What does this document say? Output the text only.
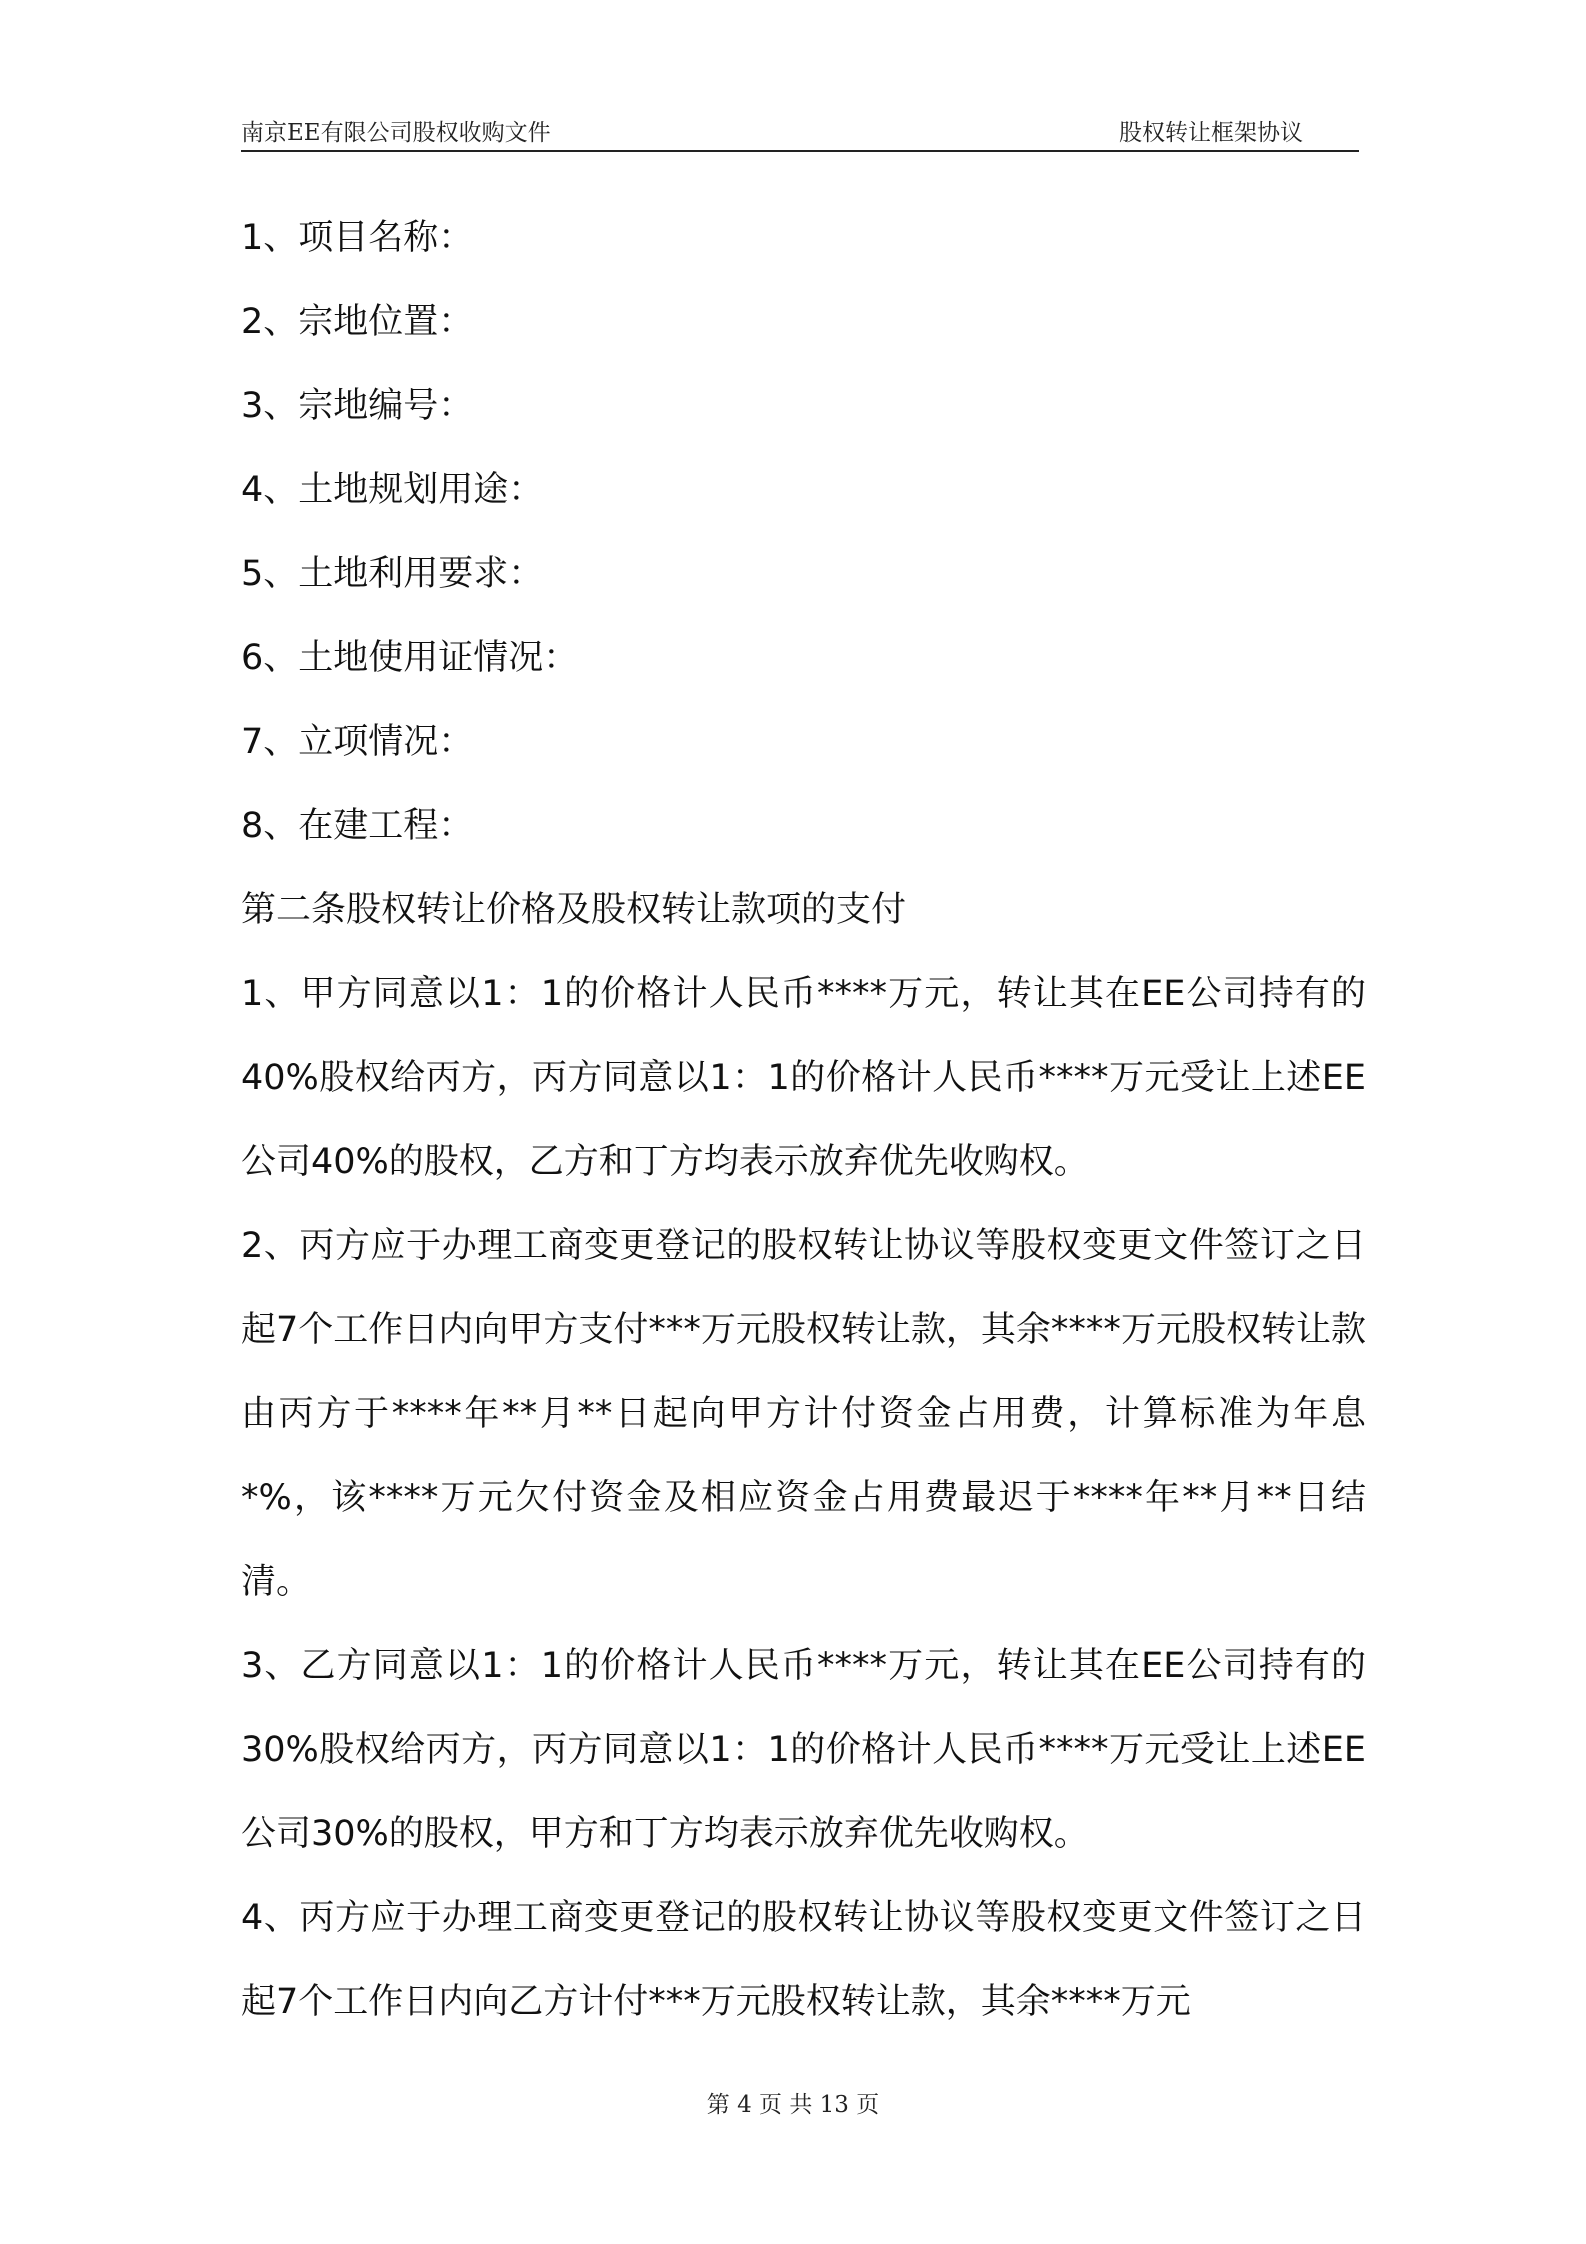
南京EE有限公司股权收购文件	股权转让框架协议
1、项目名称：
2、宗地位置：
3、宗地编号：
4、土地规划用途：
5、土地利用要求：
6、土地使用证情况：
7、立项情况：
8、在建工程：
第二条股权转让价格及股权转让款项的支付

1、甲方同意以1：1的价格计人民币****万元，转让其在EE公司持有的40%股权给丙方，丙方同意以1：1的价格计人民币****万元受让上述EE公司40%的股权，乙方和丁方均表示放弃优先收购权。

2、丙方应于办理工商变更登记的股权转让协议等股权变更文件签订之日起7个工作日内向甲方支付***万元股权转让款，其余****万元股权转让款由丙方于****年**月**日起向甲方计付资金占用费，计算标准为年息*%，该****万元欠付资金及相应资金占用费最迟于****年**月**日结清。

3、乙方同意以1：1的价格计人民币****万元，转让其在EE公司持有的30%股权给丙方，丙方同意以1：1的价格计人民币****万元受让上述EE公司30%的股权，甲方和丁方均表示放弃优先收购权。

4、丙方应于办理工商变更登记的股权转让协议等股权变更文件签订之日起7个工作日内向乙方计付***万元股权转让款，其余****万元

第 4 页 共 13 页
